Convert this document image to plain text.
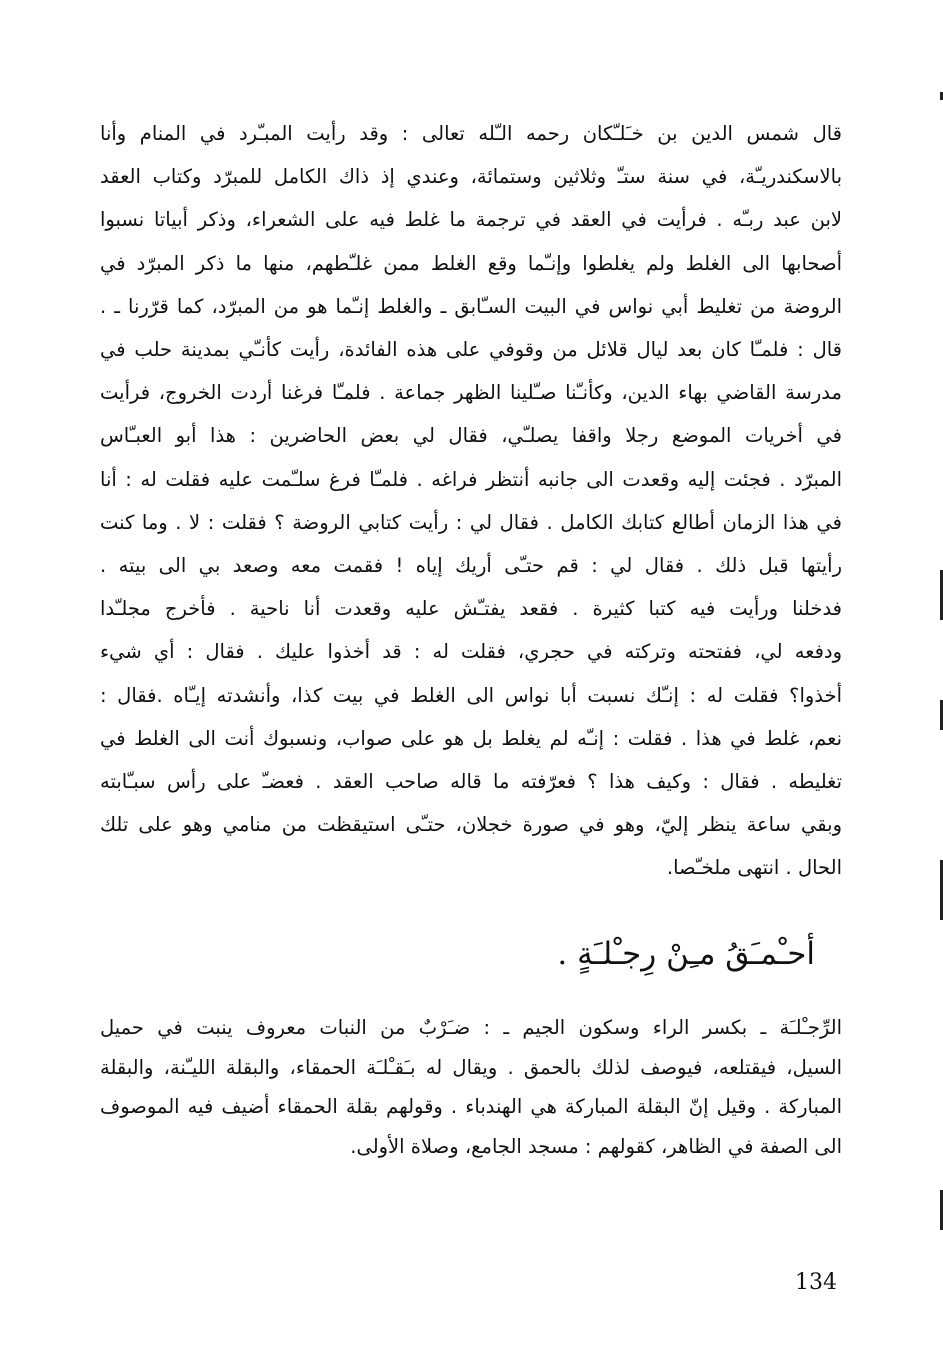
قال شمس الدين بن خـَلـّكان رحمه الـّله تعالى : وقد رأيت المبـّرد في المنام وأنا
بالاسكندريـّة، في سنة ستـّ وثلاثين وستمائة، وعندي إذ ذاك الكامل للمبرّد وكتاب العقد
لابن عبد ربـّه . فرأيت في العقد في ترجمة ما غلط فيه على الشعراء، وذكر أبياتا نسبوا
أصحابها الى الغلط ولم يغلطوا وإنـّما وقع الغلط ممن غلـّطهم، منها ما ذكر المبرّد في
الروضة من تغليط أبي نواس في البيت السـّابق ـ والغلط إنـّما هو من المبرّد، كما قرّرنا ـ .
قال : فلمـّا كان بعد ليال قلائل من وقوفي على هذه الفائدة، رأيت كأنـّي بمدينة حلب في
مدرسة القاضي بهاء الدين، وكأنـّنا صـّلينا الظهر جماعة . فلمـّا فرغنا أردت الخروج، فرأيت
في أخريات الموضع رجلا واقفا يصلـّي، فقال لي بعض الحاضرين : هذا أبو العبـّاس
المبرّد . فجئت إليه وقعدت الى جانبه أنتظر فراغه . فلمـّا فرغ سلـّمت عليه فقلت له : أنا
في هذا الزمان أطالع كتابك الكامل . فقال لي : رأيت كتابي الروضة ؟ فقلت : لا . وما كنت
رأيتها قبل ذلك . فقال لي : قم حتـّى أريك إياه ! فقمت معه وصعد بي الى بيته .
فدخلنا ورأيت فيه كتبا كثيرة . فقعد يفتـّش عليه وقعدت أنا ناحية . فأخرج مجلـّدا
ودفعه لي، ففتحته وتركته في حجري، فقلت له : قد أخذوا عليك . فقال : أي شيء
أخذوا؟ فقلت له : إنـّك نسبت أبا نواس الى الغلط في بيت كذا، وأنشدته إيـّاه .فقال :
نعم، غلط في هذا . فقلت : إنـّه لم يغلط بل هو على صواب، ونسبوك أنت الى الغلط في
تغليطه . فقال : وكيف هذا ؟ فعرّفته ما قاله صاحب العقد . فعضـّ على رأس سبـّابته
وبقي ساعة ينظر إليّ، وهو في صورة خجلان، حتـّى استيقظت من منامي وهو على تلك
الحال . انتهى ملخـّصا.
أحـْمـَقُ مـِنْ رِجـْلـَةٍ .
الرِّجـْلـَة ـ بكسر الراء وسكون الجيم ـ : ضـَرْبٌ من النبات معروف ينبت في حميل
السيل، فيقتلعه، فيوصف لذلك بالحمق . ويقال له بـَقـْلـَة الحمقاء، والبقلة الليـّنة، والبقلة
المباركة . وقيل إنّ البقلة المباركة هي الهندباء . وقولهم بقلة الحمقاء أضيف فيه الموصوف
الى الصفة في الظاهر، كقولهم : مسجد الجامع، وصلاة الأولى.
134
